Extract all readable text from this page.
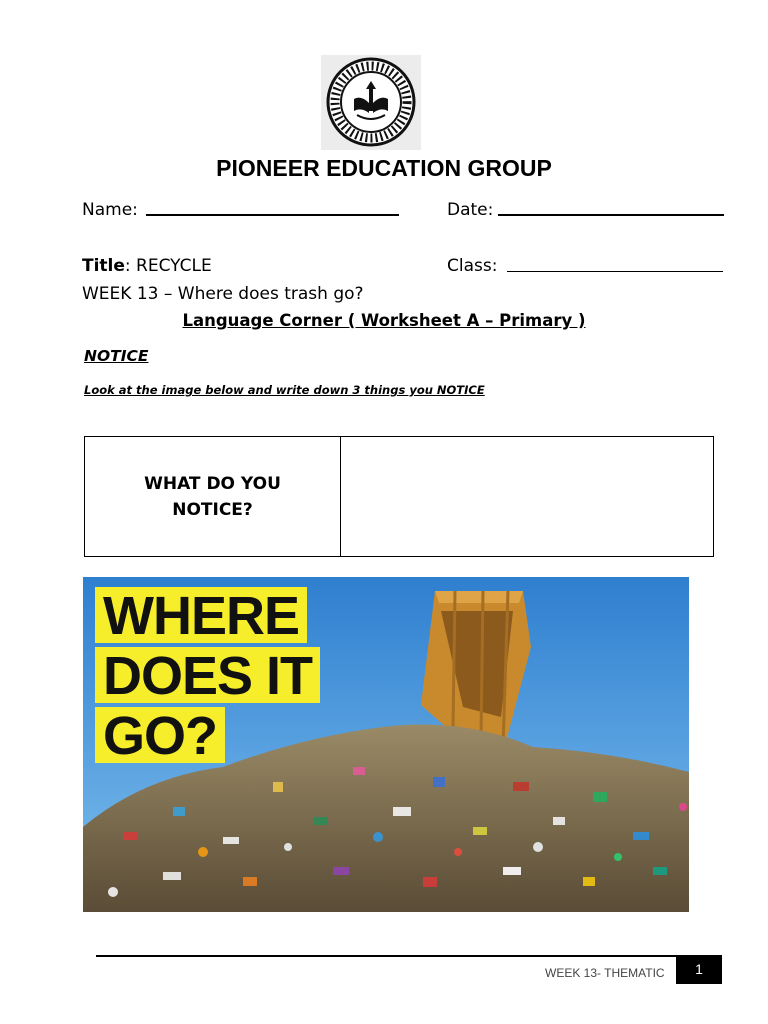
PIONEER EDUCATION GROUP
Name:	Date:
Title: RECYCLE	Class:
WEEK 13 – Where does trash go?
Language Corner ( Worksheet A – Primary )
NOTICE
Look at the image below and write down 3 things you NOTICE
WHAT DO YOU
NOTICE?
WHERE
DOES IT
GO?
WEEK 13- THEMATIC	1
